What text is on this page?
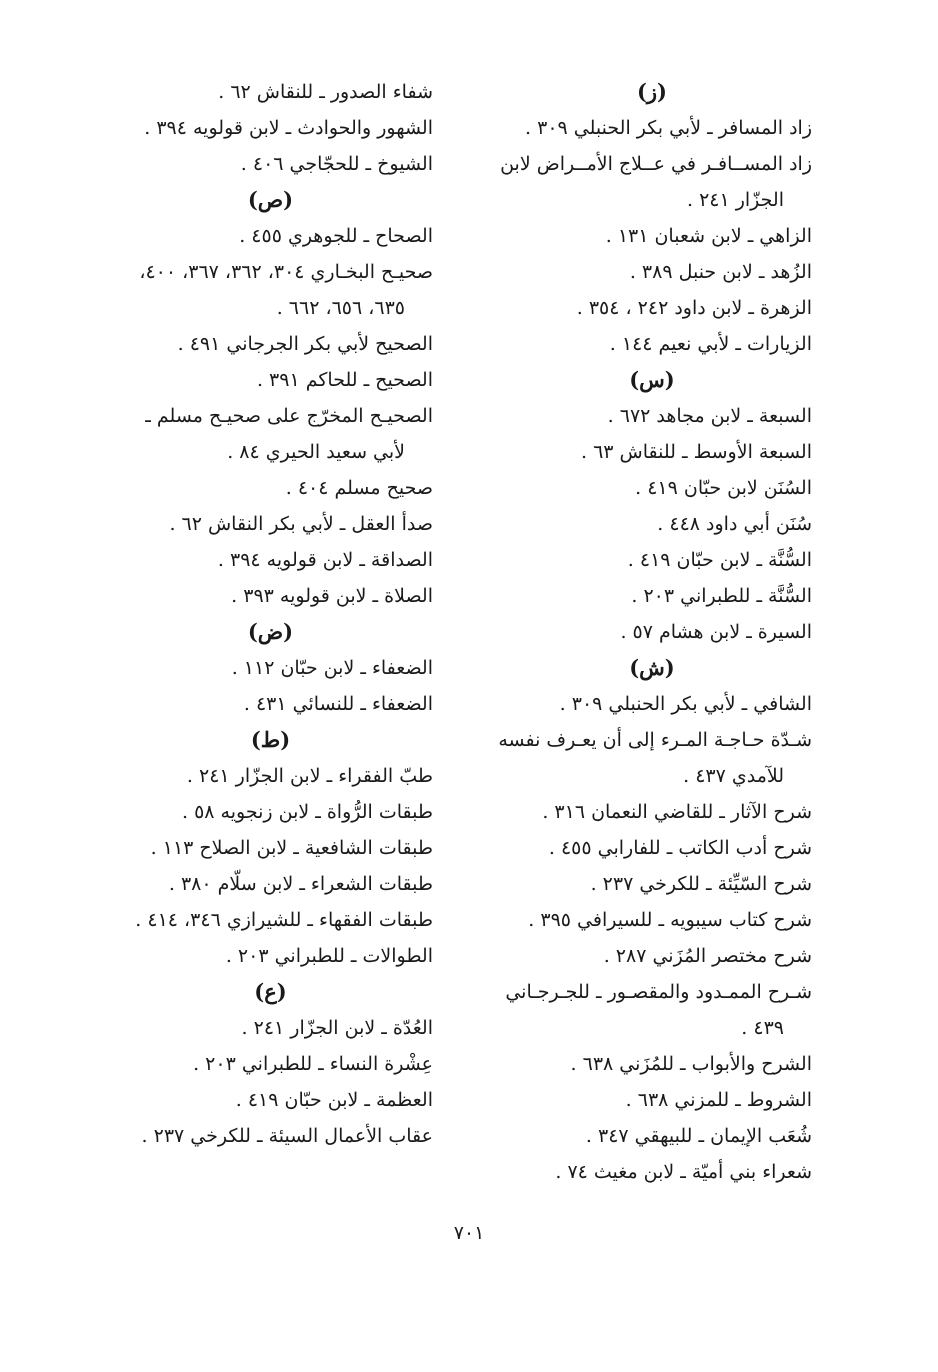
(ز)
زاد المسافر ـ لأبي بكر الحنبلي ٣٠٩ .
زاد المســافـر في عــلاج الأمــراض لابن
الجزّار ٢٤١ .
الزاهي ـ لابن شعبان ١٣١ .
الزُهد ـ لابن حنبل ٣٨٩ .
الزهرة ـ لابن داود ٢٤٢ ، ٣٥٤ .
الزيارات ـ لأبي نعيم ١٤٤ .
(س)
السبعة ـ لابن مجاهد ٦٧٢ .
السبعة الأوسط ـ للنقاش ٦٣ .
السُنَن لابن حبّان ٤١٩ .
سُنَن أبي داود ٤٤٨ .
السُّنَّة ـ لابن حبّان ٤١٩ .
السُّنَّة ـ للطبراني ٢٠٣ .
السيرة ـ لابن هشام ٥٧ .
(ش)
الشافي ـ لأبي بكر الحنبلي ٣٠٩ .
شـدّة حـاجـة المـرء إلى أن يعـرف نفسه
للآمدي ٤٣٧ .
شرح الآثار ـ للقاضي النعمان ٣١٦ .
شرح أدب الكاتب ـ للفارابي ٤٥٥ .
شرح السّيِّئة ـ للكرخي ٢٣٧ .
شرح كتاب سيبويه ـ للسيرافي ٣٩٥ .
شرح مختصر المُزَني ٢٨٧ .
شـرح الممـدود والمقصـور ـ للجـرجـاني
٤٣٩ .
الشرح والأبواب ـ للمُزَني ٦٣٨ .
الشروط ـ للمزني ٦٣٨ .
شُعَب الإيمان ـ للبيهقي ٣٤٧ .
شعراء بني أميّة ـ لابن مغيث ٧٤ .
شفاء الصدور ـ للنقاش ٦٢ .
الشهور والحوادث ـ لابن قولويه ٣٩٤ .
الشيوخ ـ للحجّاجي ٤٠٦ .
(ص)
الصحاح ـ للجوهري ٤٥٥ .
صحيـح البخـاري ٣٠٤، ٣٦٢، ٣٦٧، ٤٠٠،
٦٣٥، ٦٥٦، ٦٦٢ .
الصحيح لأبي بكر الجرجاني ٤٩١ .
الصحيح ـ للحاكم ٣٩١ .
الصحيـح المخرّج على صحيـح مسلم ـ
لأبي سعيد الحيري ٨٤ .
صحيح مسلم ٤٠٤ .
صدأ العقل ـ لأبي بكر النقاش ٦٢ .
الصداقة ـ لابن قولويه ٣٩٤ .
الصلاة ـ لابن قولويه ٣٩٣ .
(ض)
الضعفاء ـ لابن حبّان ١١٢ .
الضعفاء ـ للنسائي ٤٣١ .
(ط)
طبّ الفقراء ـ لابن الجزّار ٢٤١ .
طبقات الرُّواة ـ لابن زنجويه ٥٨ .
طبقات الشافعية ـ لابن الصلاح ١١٣ .
طبقات الشعراء ـ لابن سلّام ٣٨٠ .
طبقات الفقهاء ـ للشيرازي ٣٤٦، ٤١٤ .
الطوالات ـ للطبراني ٢٠٣ .
(ع)
العُدّة ـ لابن الجزّار ٢٤١ .
عِشْرة النساء ـ للطبراني ٢٠٣ .
العظمة ـ لابن حبّان ٤١٩ .
عقاب الأعمال السيئة ـ للكرخي ٢٣٧ .
٧٠١
